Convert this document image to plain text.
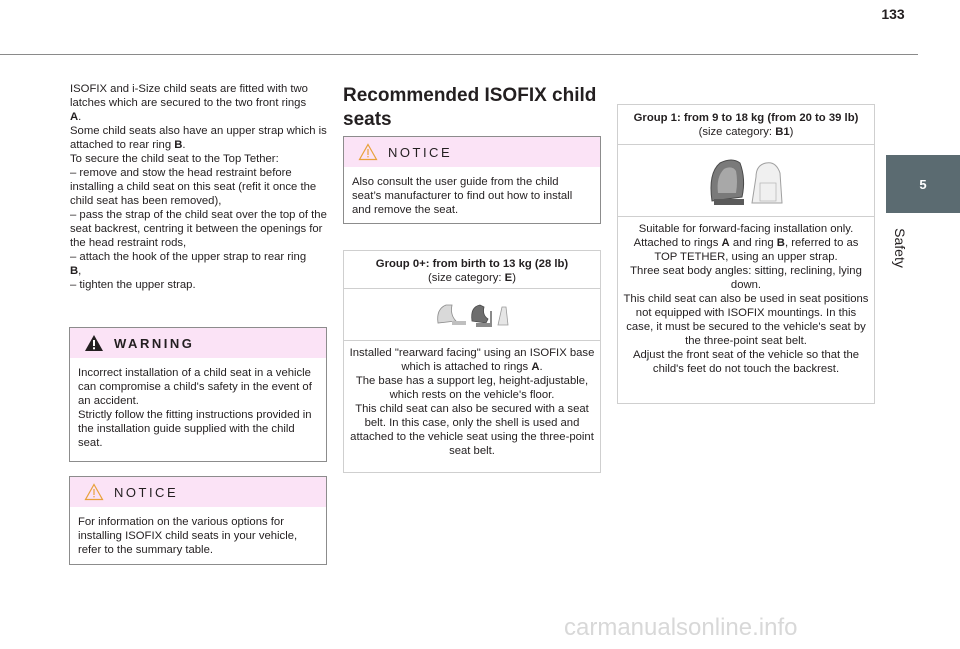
133
5
Safety

ISOFIX and i-Size child seats are fitted with two latches which are secured to the two front rings
A.

Some child seats also have an upper strap which is attached to rear ring B.

To secure the child seat to the Top Tether:

– remove and stow the head restraint before installing a child seat on this seat (refit it once the child seat has been removed),

– pass the strap of the child seat over the top of the seat backrest, centring it between the openings for the head restraint rods,

– attach the hook of the upper strap to rear ring
B,

– tighten the upper strap.

WARNING

Incorrect installation of a child seat in a vehicle can compromise a child's safety in the event of an accident.

Strictly follow the fitting instructions provided in the installation guide supplied with the child seat.

NOTICE

For information on the various options for installing ISOFIX child seats in your vehicle, refer to the summary table.

Recommended ISOFIX child seats
NOTICE

Also consult the user guide from the child seat’s manufacturer to find out how to install and remove the seat.

Group 0+: from birth to 13 kg (28 lb)
(size category: E)
Installed "rearward facing" using an ISOFIX base which is attached to rings A.
The base has a support leg, height-adjustable, which rests on the vehicle's floor.
This child seat can also be secured with a seat belt. In this case, only the shell is used and attached to the vehicle seat using the three-point seat belt.
Group 1: from 9 to 18 kg (from 20 to 39 lb)
(size category: B1)
Suitable for forward-facing installation only.
Attached to rings A and ring B, referred to as TOP TETHER, using an upper strap.
Three seat body angles: sitting, reclining, lying down.
This child seat can also be used in seat positions not equipped with ISOFIX mountings. In this case, it must be secured to the vehicle's seat by the three-point seat belt.
Adjust the front seat of the vehicle so that the child's feet do not touch the backrest.
carmanualsonline.info
